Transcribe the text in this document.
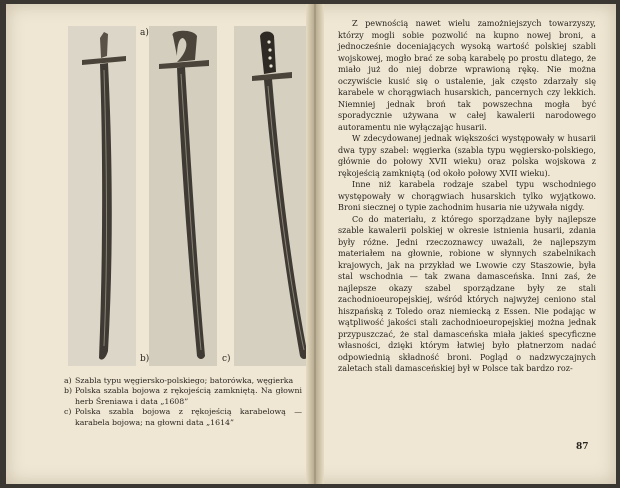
a)
b)	c)
a) Szabla typu węgiersko-polskiego; batorówka, węgierka
b) Polska szabla bojowa z rękojeścią zamkniętą. Na głowni herb Śreniawa i data „1608”
c) Polska szabla bojowa z rękojeścią karabelową — karabela bojowa; na głowni data „1614”

Z pewnością nawet wielu zamożniejszych towarzyszy, którzy mogli sobie pozwolić na kupno nowej broni, a jednocześnie doceniających wysoką wartość polskiej szabli wojskowej, mogło brać ze sobą karabelę po prostu dlatego, że miało już do niej dobrze wprawioną rękę. Nie można oczywiście kusić się o ustalenie, jak często zdarzały się karabele w chorągwiach husarskich, pancernych czy lekkich. Niemniej jednak broń tak powszechna mogła być sporadycznie używana w całej kawalerii narodowego autoramentu nie wyłączając husarii.

W zdecydowanej jednak większości występowały w husarii dwa typy szabel: węgierka (szabla typu węgiersko-polskiego, głównie do połowy XVII wieku) oraz polska wojskowa z rękojeścią zamkniętą (od około połowy XVII wieku).

Inne niż karabela rodzaje szabel typu wschodniego występowały w chorągwiach husarskich tylko wyjątkowo. Broni siecznej o typie zachodnim husaria nie używała nigdy.

Co do materiału, z którego sporządzane były najlepsze szable kawalerii polskiej w okresie istnienia husarii, zdania były różne. Jedni rzeczoznawcy uważali, że najlepszym materiałem na głownie, robione w słynnych szabelnikach krajowych, jak na przykład we Lwowie czy Staszowie, była stal wschodnia — tak zwana damasceńska. Inni zaś, że najlepsze okazy szabel sporządzane były ze stali zachodnioeuropejskiej, wśród których najwyżej ceniono stal hiszpańską z Toledo oraz niemiecką z Essen. Nie podając w wątpliwość jakości stali zachodnioeuropejskiej można jednak przypuszczać, że stal damasceńska miała jakieś specyficzne własności, dzięki którym łatwiej było płatnerzom nadać odpowiednią składność broni. Pogląd o nadzwyczajnych zaletach stali damasceńskiej był w Polsce tak bardzo roz-

87
